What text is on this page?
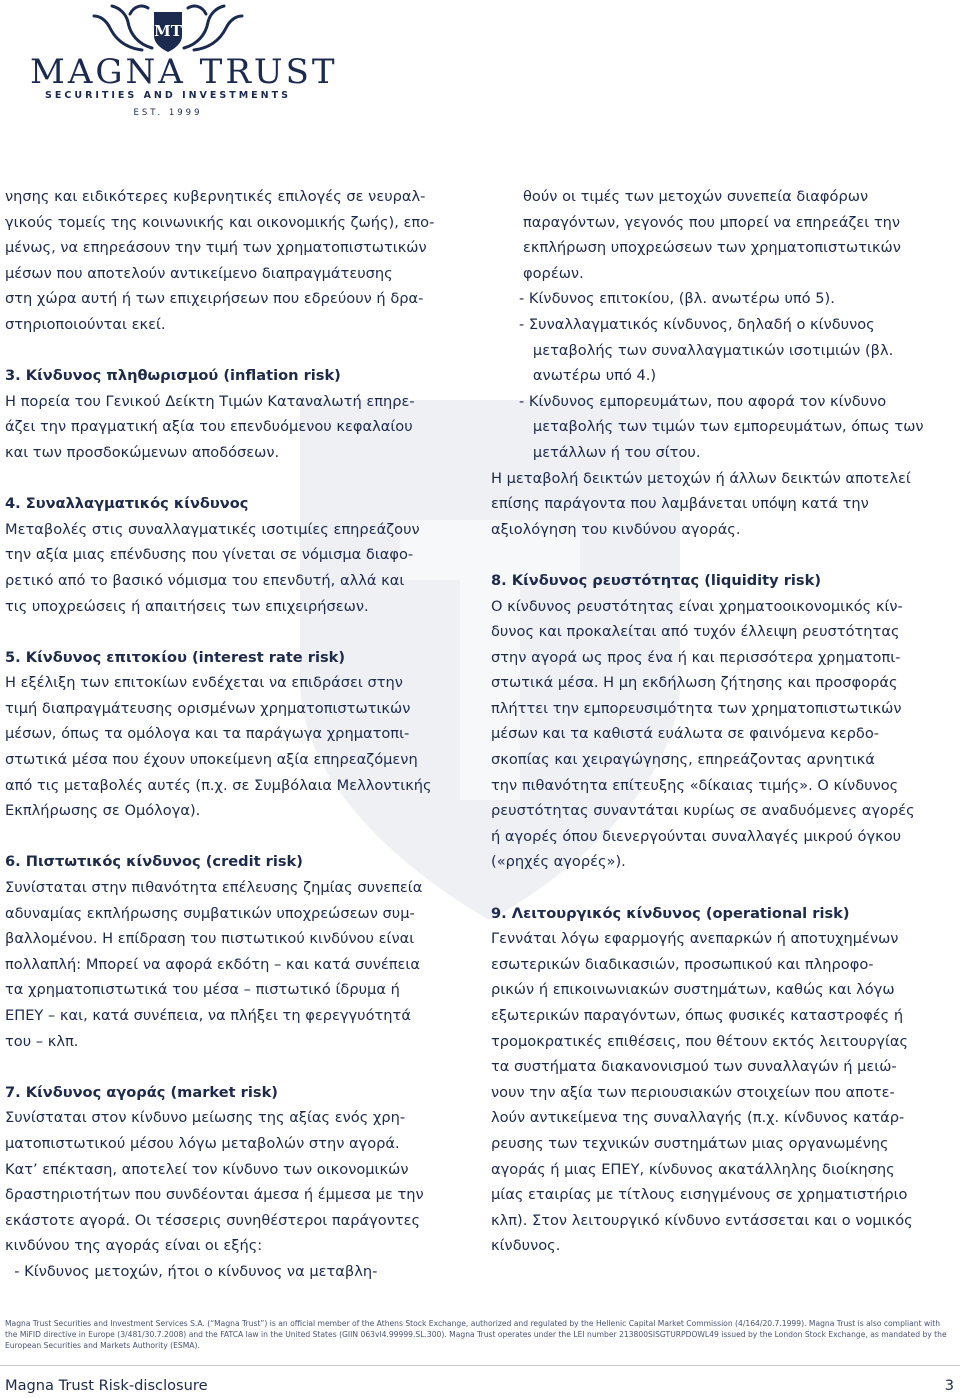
MT
MAGNA TRUST
SECURITIES AND INVESTMENTS
EST. 1999

νησης και ειδικότερες κυβερνητικές επιλογές σε νευραλ-

γικούς τομείς της κοινωνικής και οικονομικής ζωής), επο-

μένως, να επηρεάσουν την τιμή των χρηματοπιστωτικών

μέσων που αποτελούν αντικείμενο διαπραγμάτευσης

στη χώρα αυτή ή των επιχειρήσεων που εδρεύουν ή δρα-

στηριοποιούνται εκεί.

3. Κίνδυνος πληθωρισμού (inflation risk)

Η πορεία του Γενικού Δείκτη Τιμών Καταναλωτή επηρε-

άζει την πραγματική αξία του επενδυόμενου κεφαλαίου

και των προσδοκώμενων αποδόσεων.

4. Συναλλαγματικός κίνδυνος

Μεταβολές στις συναλλαγματικές ισοτιμίες επηρεάζουν

την αξία μιας επένδυσης που γίνεται σε νόμισμα διαφο-

ρετικό από το βασικό νόμισμα του επενδυτή, αλλά και

τις υποχρεώσεις ή απαιτήσεις των επιχειρήσεων.

5. Κίνδυνος επιτοκίου (interest rate risk)

Η εξέλιξη των επιτοκίων ενδέχεται να επιδράσει στην

τιμή διαπραγμάτευσης ορισμένων χρηματοπιστωτικών

μέσων, όπως τα ομόλογα και τα παράγωγα χρηματοπι-

στωτικά μέσα που έχουν υποκείμενη αξία επηρεαζόμενη

από τις μεταβολές αυτές (π.χ. σε Συμβόλαια Μελλοντικής

Εκπλήρωσης σε Ομόλογα).

6. Πιστωτικός κίνδυνος (credit risk)

Συνίσταται στην πιθανότητα επέλευσης ζημίας συνεπεία

αδυναμίας εκπλήρωσης συμβατικών υποχρεώσεων συμ-

βαλλομένου. Η επίδραση του πιστωτικού κινδύνου είναι

πολλαπλή: Μπορεί να αφορά εκδότη – και κατά συνέπεια

τα χρηματοπιστωτικά του μέσα – πιστωτικό ίδρυμα ή

ΕΠΕΥ – και, κατά συνέπεια, να πλήξει τη φερεγγυότητά

του – κλπ.

7. Κίνδυνος αγοράς (market risk)

Συνίσταται στον κίνδυνο μείωσης της αξίας ενός χρη-

ματοπιστωτικού μέσου λόγω μεταβολών στην αγορά.

Κατ’ επέκταση, αποτελεί τον κίνδυνο των οικονομικών

δραστηριοτήτων που συνδέονται άμεσα ή έμμεσα με την

εκάστοτε αγορά. Οι τέσσερις συνηθέστεροι παράγοντες

κινδύνου της αγοράς είναι οι εξής:

- Κίνδυνος μετοχών, ήτοι ο κίνδυνος να μεταβλη-

θούν οι τιμές των μετοχών συνεπεία διαφόρων

παραγόντων, γεγονός που μπορεί να επηρεάζει την

εκπλήρωση υποχρεώσεων των χρηματοπιστωτικών

φορέων.

- Κίνδυνος επιτοκίου, (βλ. ανωτέρω υπό 5).

- Συναλλαγματικός κίνδυνος, δηλαδή ο κίνδυνος

μεταβολής των συναλλαγματικών ισοτιμιών (βλ.

ανωτέρω υπό 4.)

- Κίνδυνος εμπορευμάτων, που αφορά τον κίνδυνο

μεταβολής των τιμών των εμπορευμάτων, όπως των

μετάλλων ή του σίτου.

Η μεταβολή δεικτών μετοχών ή άλλων δεικτών αποτελεί

επίσης παράγοντα που λαμβάνεται υπόψη κατά την

αξιολόγηση του κινδύνου αγοράς.

8. Κίνδυνος ρευστότητας (liquidity risk)

Ο κίνδυνος ρευστότητας είναι χρηματοοικονομικός κίν-

δυνος και προκαλείται από τυχόν έλλειψη ρευστότητας

στην αγορά ως προς ένα ή και περισσότερα χρηματοπι-

στωτικά μέσα. Η μη εκδήλωση ζήτησης και προσφοράς

πλήττει την εμπορευσιμότητα των χρηματοπιστωτικών

μέσων και τα καθιστά ευάλωτα σε φαινόμενα κερδο-

σκοπίας και χειραγώγησης, επηρεάζοντας αρνητικά

την πιθανότητα επίτευξης «δίκαιας τιμής». Ο κίνδυνος

ρευστότητας συναντάται κυρίως σε αναδυόμενες αγορές

ή αγορές όπου διενεργούνται συναλλαγές μικρού όγκου

(«ρηχές αγορές»).

9. Λειτουργικός κίνδυνος (operational risk)

Γεννάται λόγω εφαρμογής ανεπαρκών ή αποτυχημένων

εσωτερικών διαδικασιών, προσωπικού και πληροφο-

ρικών ή επικοινωνιακών συστημάτων, καθώς και λόγω

εξωτερικών παραγόντων, όπως φυσικές καταστροφές ή

τρομοκρατικές επιθέσεις, που θέτουν εκτός λειτουργίας

τα συστήματα διακανονισμού των συναλλαγών ή μειώ-

νουν την αξία των περιουσιακών στοιχείων που αποτε-

λούν αντικείμενα της συναλλαγής (π.χ. κίνδυνος κατάρ-

ρευσης των τεχνικών συστημάτων μιας οργανωμένης

αγοράς ή μιας ΕΠΕΥ, κίνδυνος ακατάλληλης διοίκησης

μίας εταιρίας με τίτλους εισηγμένους σε χρηματιστήριο

κλπ). Στον λειτουργικό κίνδυνο εντάσσεται και ο νομικός

κίνδυνος.

Magna Trust Securities and Investment Services S.A. (“Magna Trust”) is an official member of the Athens Stock Exchange, authorized and regulated by the Hellenic Capital Market Commission (4/164/20.7.1999). Magna Trust is also compliant with

the MiFID directive in Europe (3/481/30.7.2008) and the FATCA law in the United States (GIIN 063vl4.99999.SL.300). Magna Trust operates under the LEI number 213800SISGTURPDOWL49 issued by the London Stock Exchange, as mandated by the

European Securities and Markets Authority (ESMA).

Magna Trust Risk-disclosure	3
